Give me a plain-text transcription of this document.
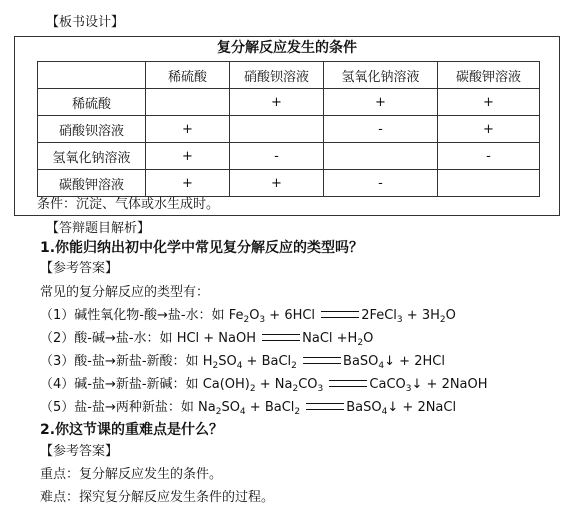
【板书设计】
复分解反应发生的条件
	稀硫酸	硝酸钡溶液	氢氧化钠溶液	碳酸钾溶液
稀硫酸		+	+	+
硝酸钡溶液	+		-	+
氢氧化钠溶液	+	-		-
碳酸钾溶液	+	+	-	
条件：沉淀、气体或水生成时。
【答辩题目解析】
1.你能归纳出初中化学中常见复分解反应的类型吗？
【参考答案】
常见的复分解反应的类型有：
（1）碱性氧化物-酸→盐-水：如 $Fe_2O_3 + 6HCl$	2FeCl$_3$ + $3H_2O$
（2）酸-碱→盐-水：如 HCl + NaOH	NaCl $+H_2O$
（3）酸-盐→新盐-新酸：如 $H_2SO_4$ + BaCl$_2$	BaSO$_4$↓ + 2HCl
（4）碱-盐→新盐-新碱：如 $Ca(OH)_2 + Na_2CO_3$	CaCO$_3$↓ + 2NaOH
（5）盐-盐→两种新盐：如 $Na_2SO_4$ + BaCl$_2$	BaSO$_4$↓ + 2NaCl
2.你这节课的重难点是什么？
【参考答案】
重点：复分解反应发生的条件。
难点：探究复分解反应发生条件的过程。
